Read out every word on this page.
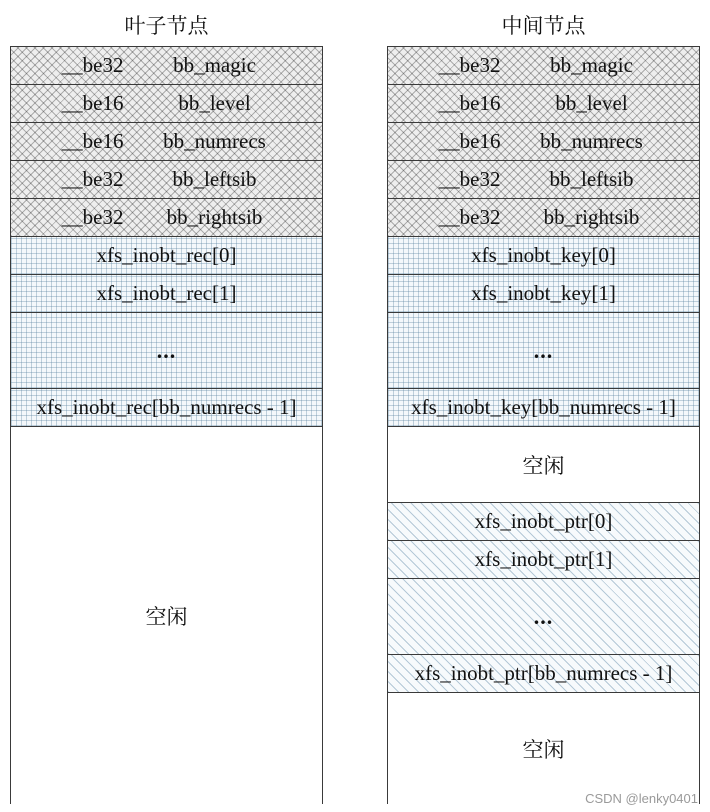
叶子节点
__be32	bb_magic
__be16	bb_level
__be16	bb_numrecs
__be32	bb_leftsib
__be32	bb_rightsib
xfs_inobt_rec[0]
xfs_inobt_rec[1]
...
xfs_inobt_rec[bb_numrecs - 1]
空闲
中间节点
__be32	bb_magic
__be16	bb_level
__be16	bb_numrecs
__be32	bb_leftsib
__be32	bb_rightsib
xfs_inobt_key[0]
xfs_inobt_key[1]
...
xfs_inobt_key[bb_numrecs - 1]
空闲
xfs_inobt_ptr[0]
xfs_inobt_ptr[1]
...
xfs_inobt_ptr[bb_numrecs - 1]
空闲
CSDN @lenky0401
